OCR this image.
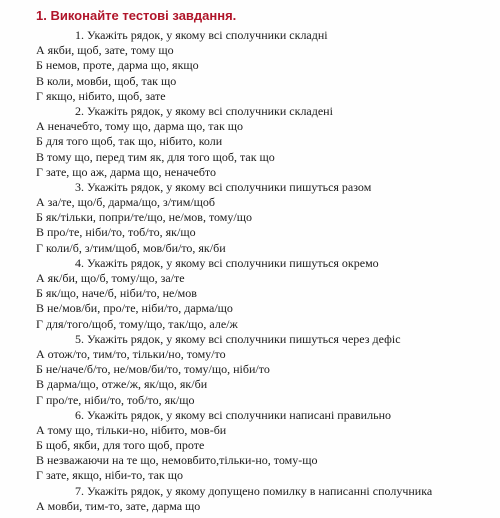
1. Виконайте тестові завдання.
1. Укажіть рядок, у якому всі сполучники складні
А якби, щоб, зате, тому що
Б немов, проте, дарма що, якщо
В коли, мовби, щоб, так що
Г якщо, нібито, щоб, зате
2. Укажіть рядок, у якому всі сполучники складені
А неначебто, тому що, дарма що, так що
Б для того щоб, так що, нібито, коли
В тому що, перед тим як, для того щоб, так що
Г зате, що аж, дарма що, неначебто
3. Укажіть рядок, у якому всі сполучники пишуться разом
А за/те, що/б, дарма/що, з/тим/щоб
Б як/тільки, попри/те/що, не/мов, тому/що
В про/те, ніби/то, тоб/то, як/що
Г коли/б, з/тим/щоб, мов/би/то, як/би
4. Укажіть рядок, у якому всі сполучники пишуться окремо
А як/би, що/б, тому/що, за/те
Б як/що, наче/б, ніби/то, не/мов
В не/мов/би, про/те, ніби/то, дарма/що
Г для/того/щоб, тому/що, так/що, але/ж
5. Укажіть рядок, у якому всі сполучники пишуться через дефіс
А отож/то, тим/то, тільки/но, тому/то
Б не/наче/б/то, не/мов/би/то, тому/що, ніби/то
В дарма/що, отже/ж, як/що, як/би
Г про/те, ніби/то, тоб/то, як/що
6. Укажіть рядок, у якому всі сполучники написані правильно
А тому що, тільки-но, нібито, мов-би
Б щоб, якби, для того щоб, проте
В незважаючи на те що, немовбито,тільки-но, тому-що
Г зате, якщо, ніби-то, так що
7. Укажіть рядок, у якому допущено помилку в написанні сполучника
А мовби, тим-то, зате, дарма що
